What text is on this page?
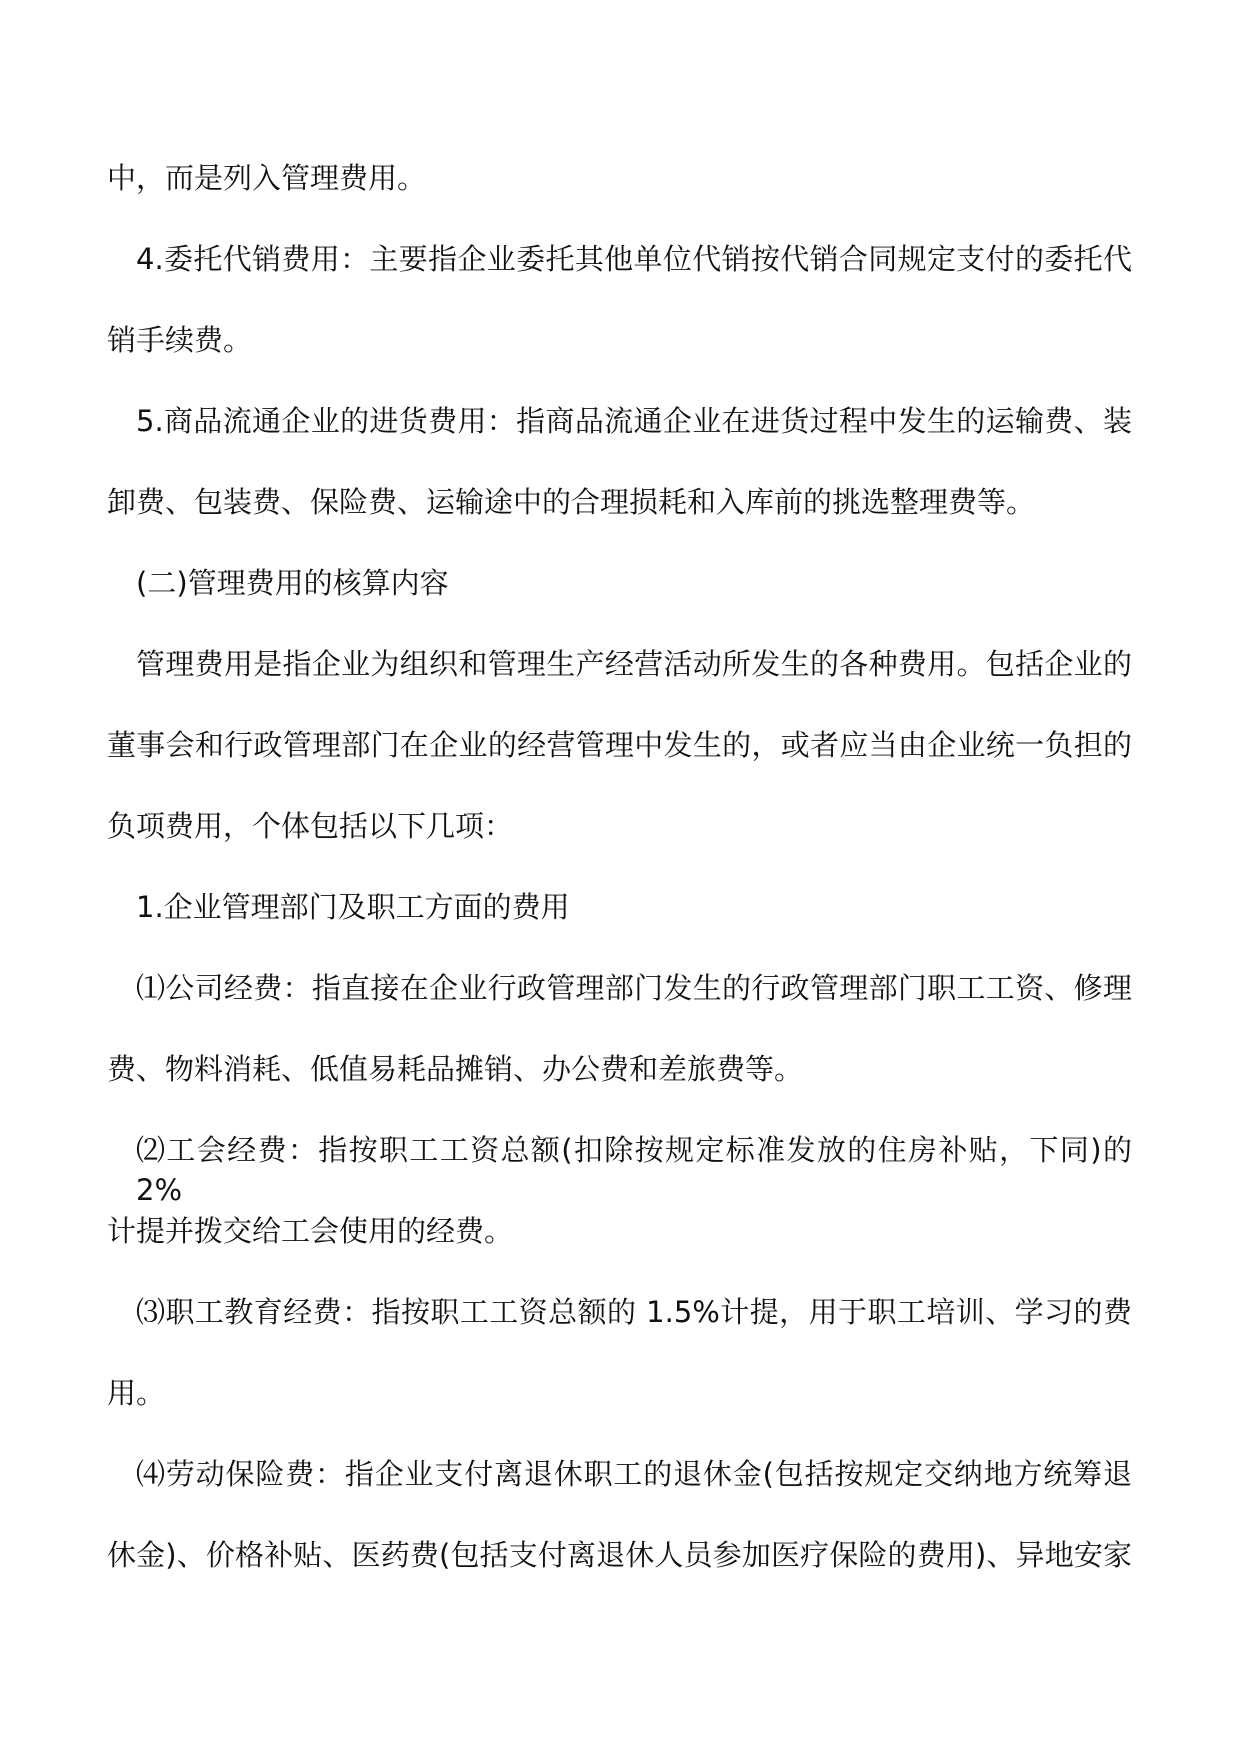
中，而是列入管理费用。
4.委托代销费用：主要指企业委托其他单位代销按代销合同规定支付的委托代
销手续费。
5.商品流通企业的进货费用：指商品流通企业在进货过程中发生的运输费、装
卸费、包装费、保险费、运输途中的合理损耗和入库前的挑选整理费等。
(二)管理费用的核算内容
管理费用是指企业为组织和管理生产经营活动所发生的各种费用。包括企业的
董事会和行政管理部门在企业的经营管理中发生的，或者应当由企业统一负担的
负项费用，个体包括以下几项：
1.企业管理部门及职工方面的费用
⑴公司经费：指直接在企业行政管理部门发生的行政管理部门职工工资、修理
费、物料消耗、低值易耗品摊销、办公费和差旅费等。
⑵工会经费：指按职工工资总额(扣除按规定标准发放的住房补贴，下同)的 2%
计提并拨交给工会使用的经费。
⑶职工教育经费：指按职工工资总额的 1.5%计提，用于职工培训、学习的费
用。
⑷劳动保险费：指企业支付离退休职工的退休金(包括按规定交纳地方统筹退
休金)、价格补贴、医药费(包括支付离退休人员参加医疗保险的费用)、异地安家
